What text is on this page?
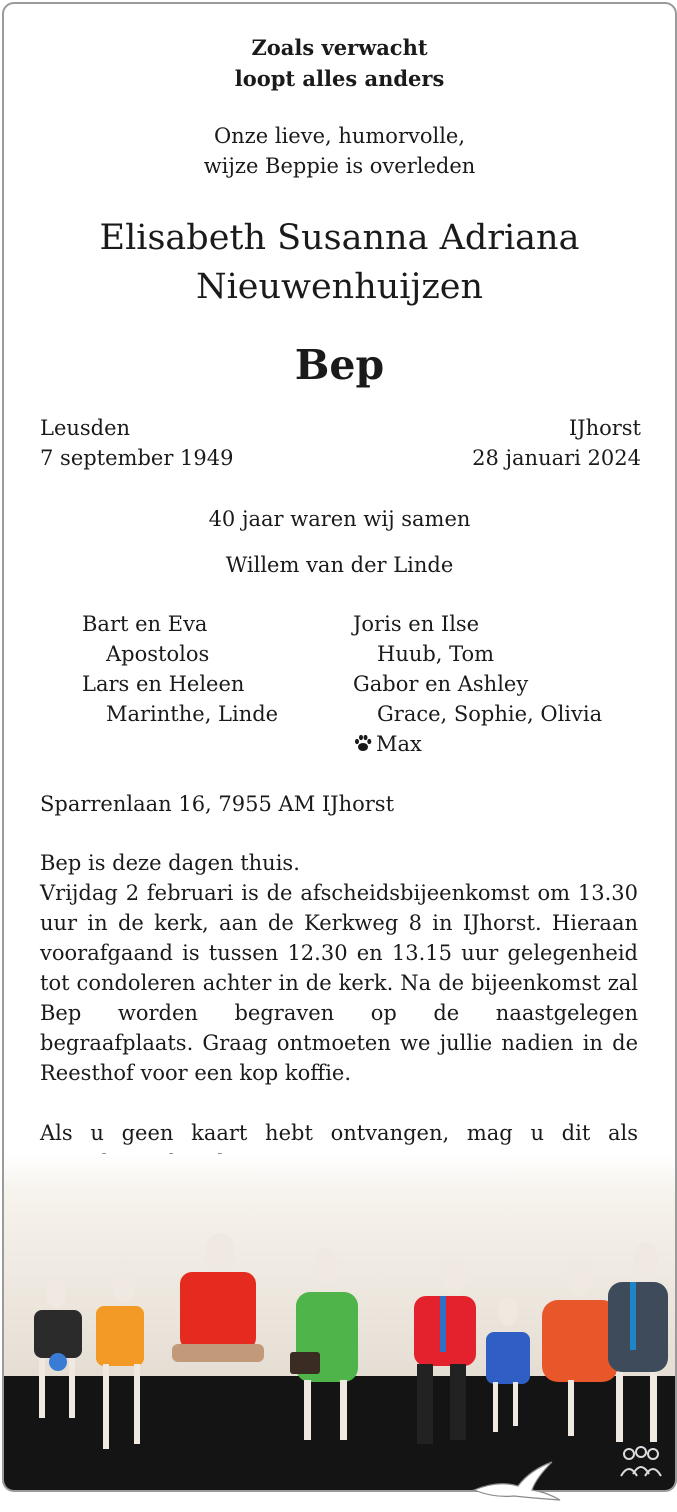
Zoals verwacht
loopt alles anders
Onze lieve, humorvolle,
wijze Beppie is overleden
Elisabeth Susanna Adriana
Nieuwenhuijzen
Bep
Leusden
7 september 1949
IJhorst
28 januari 2024
40 jaar waren wij samen
Willem van der Linde
Bart en Eva
Apostolos
Lars en Heleen
Marinthe, Linde
Joris en Ilse
Huub, Tom
Gabor en Ashley
Grace, Sophie, Olivia
Max
Sparrenlaan 16, 7955 AM IJhorst

Bep is deze dagen thuis.

Vrijdag 2 februari is de afscheidsbijeenkomst om 13.30 uur in de kerk, aan de Kerkweg 8 in IJhorst. Hieraan voorafgaand is tussen 12.30 en 13.15 uur gelegenheid tot condoleren achter in de kerk. Na de bijeenkomst zal Bep worden begraven op de naastgelegen begraafplaats. Graag ontmoeten we jullie nadien in de Reesthof voor een kop koffie.

Als u geen kaart hebt ontvangen, mag u dit als
